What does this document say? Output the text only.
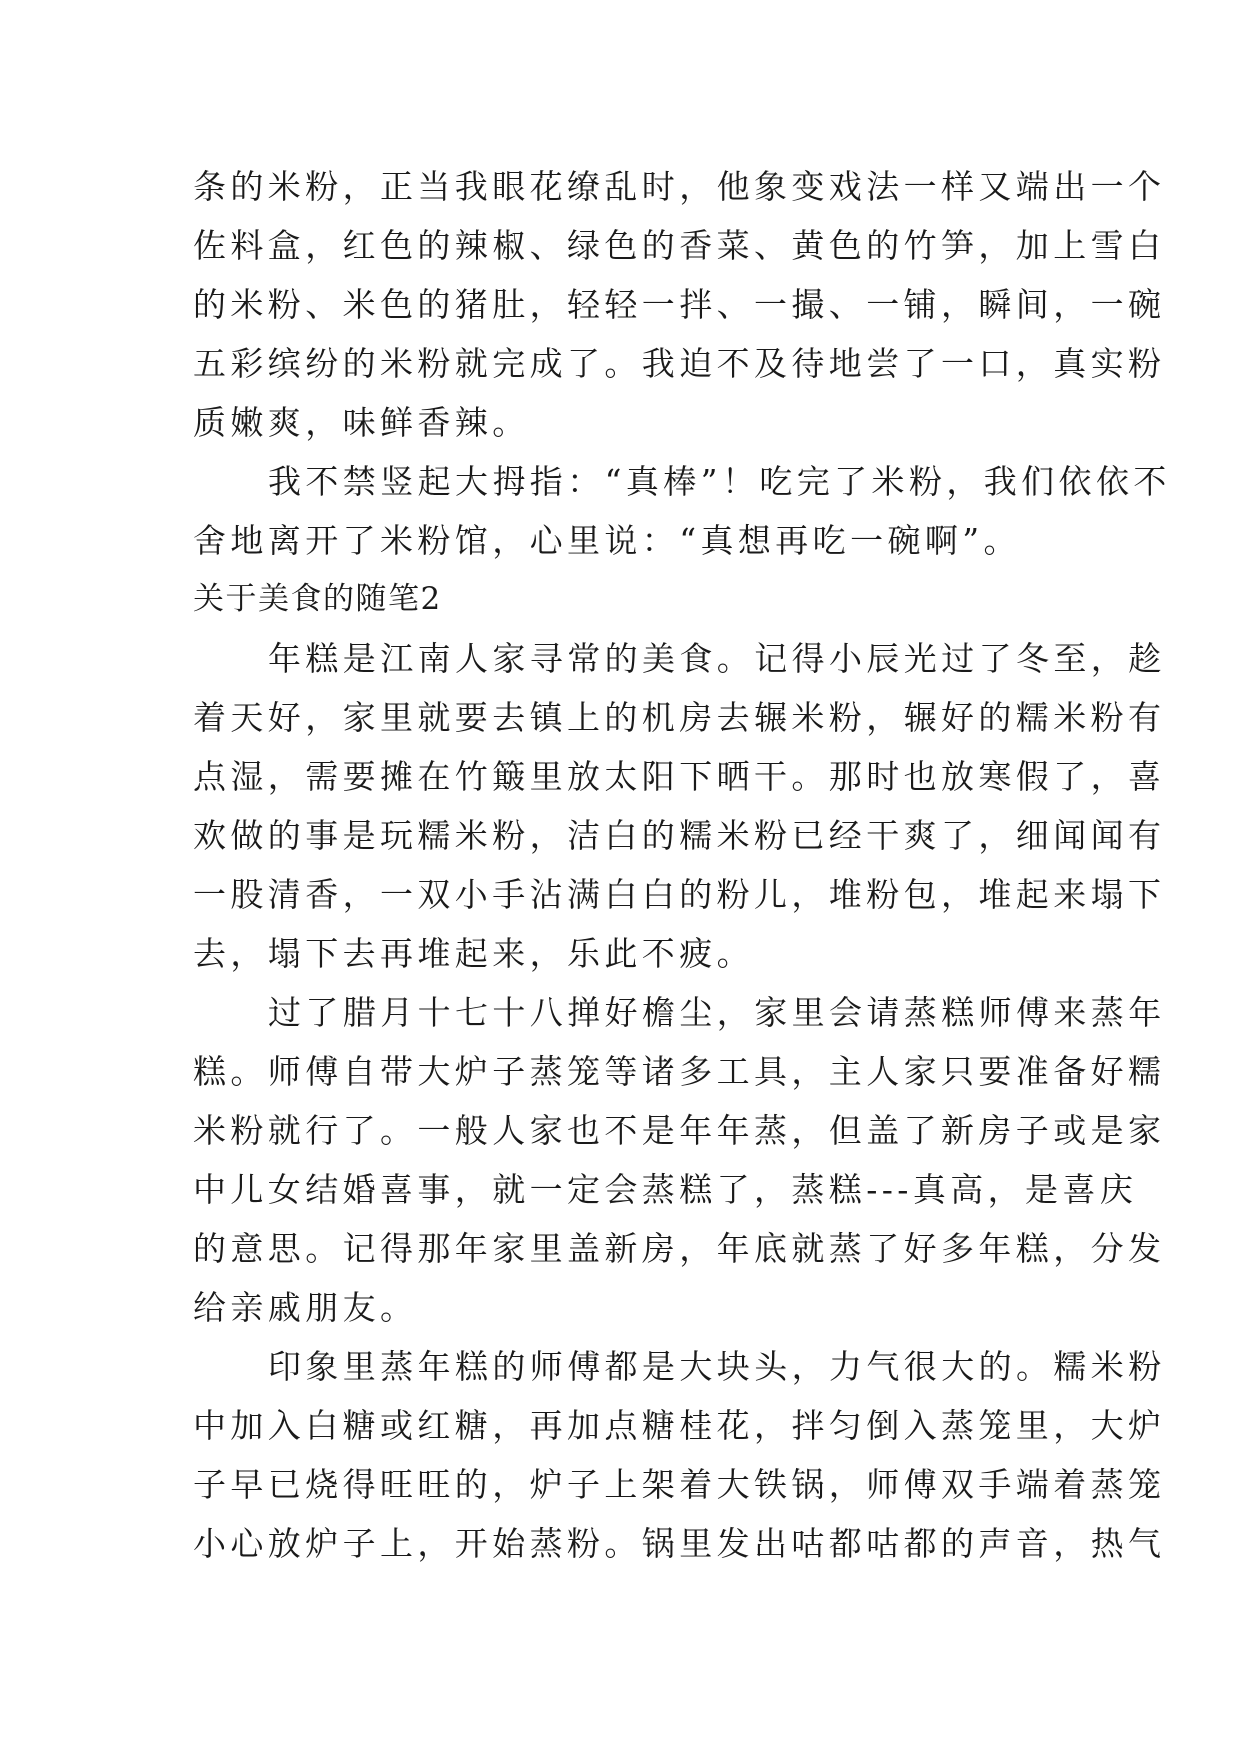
条的米粉，正当我眼花缭乱时，他象变戏法一样又端出一个
佐料盒，红色的辣椒、绿色的香菜、黄色的竹笋，加上雪白
的米粉、米色的猪肚，轻轻一拌、一撮、一铺，瞬间，一碗
五彩缤纷的米粉就完成了。我迫不及待地尝了一口，真实粉
质嫩爽，味鲜香辣。
我不禁竖起大拇指：“真棒”！吃完了米粉，我们依依不
舍地离开了米粉馆，心里说：“真想再吃一碗啊”。
关于美食的随笔2
年糕是江南人家寻常的美食。记得小辰光过了冬至，趁
着天好，家里就要去镇上的机房去辗米粉，辗好的糯米粉有
点湿，需要摊在竹簸里放太阳下晒干。那时也放寒假了，喜
欢做的事是玩糯米粉，洁白的糯米粉已经干爽了，细闻闻有
一股清香，一双小手沾满白白的粉儿，堆粉包，堆起来塌下
去，塌下去再堆起来，乐此不疲。
过了腊月十七十八掸好檐尘，家里会请蒸糕师傅来蒸年
糕。师傅自带大炉子蒸笼等诸多工具，主人家只要准备好糯
米粉就行了。一般人家也不是年年蒸，但盖了新房子或是家
中儿女结婚喜事，就一定会蒸糕了，蒸糕---真高，是喜庆
的意思。记得那年家里盖新房，年底就蒸了好多年糕，分发
给亲戚朋友。
印象里蒸年糕的师傅都是大块头，力气很大的。糯米粉
中加入白糖或红糖，再加点糖桂花，拌匀倒入蒸笼里，大炉
子早已烧得旺旺的，炉子上架着大铁锅，师傅双手端着蒸笼
小心放炉子上，开始蒸粉。锅里发出咕都咕都的声音，热气
